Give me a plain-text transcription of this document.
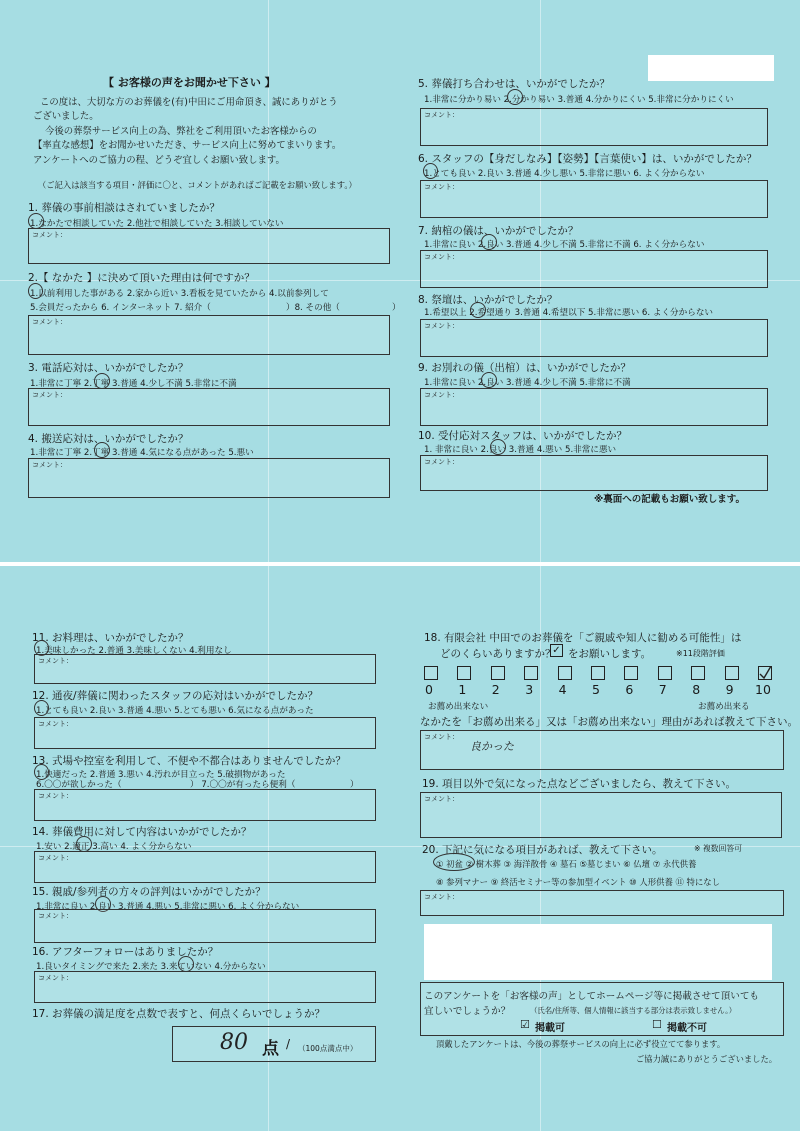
【 お客様の声をお聞かせ下さい 】
この度は、大切な方のお葬儀を(有)中田にご用命頂き、誠にありがとう
ございました。
今後の葬祭サービス向上の為、弊社をご利用頂いたお客様からの
【率直な感想】をお聞かせいただき、サービス向上に努めてまいります。
アンケートへのご協力の程、どうぞ宜しくお願い致します。
（ご記入は該当する項目・評価に〇と、コメントがあればご記載をお願い致します。）
1. 葬儀の事前相談はされていましたか？
1.なかたで相談していた 2.他社で相談していた 3.相談していない
コメント：
2.【 なかた 】に決めて頂いた理由は何ですか？
1.以前利用した事がある 2.家から近い 3.看板を見ていたから 4.以前参列して
5.会員だったから 6. インターネット 7. 紹介（	）8. その他（	）
コメント：
3. 電話応対は、いかがでしたか？
1.非常に丁寧 2.丁寧 3.普通 4.少し不満 5.非常に不満
コメント：
4. 搬送応対は、いかがでしたか？
1.非常に丁寧 2.丁寧 3.普通 4.気になる点があった 5.悪い
コメント：
5. 葬儀打ち合わせは、いかがでしたか？
1.非常に分かり易い 2.分かり易い 3.普通 4.分かりにくい 5.非常に分かりにくい
コメント：
6. スタッフの【身だしなみ】【姿勢】【言葉使い】は、いかがでしたか？
1.とても良い 2.良い 3.普通 4.少し悪い 5.非常に悪い 6. よく分からない
コメント：
7. 納棺の儀は、いかがでしたか？
1.非常に良い 2.良い 3.普通 4.少し不満 5.非常に不満 6. よく分からない
コメント：
8. 祭壇は、いかがでしたか？
1.希望以上 2.希望通り 3.普通 4.希望以下 5.非常に悪い 6. よく分からない
コメント：
9. お別れの儀（出棺）は、いかがでしたか？
1.非常に良い 2.良い 3.普通 4.少し不満 5.非常に不満
コメント：
10. 受付応対スタッフは、いかがでしたか？
1. 非常に良い 2.良い 3.普通 4.悪い 5.非常に悪い
コメント：
※裏面への記載もお願い致します。
11. お料理は、いかがでしたか？
1.美味しかった 2.普通 3.美味しくない 4.利用なし
コメント：
12. 通夜/葬儀に関わったスタッフの応対はいかがでしたか？
1.とても良い 2.良い 3.普通 4.悪い 5.とても悪い 6.気になる点があった
コメント：
13. 式場や控室を利用して、不便や不都合はありませんでしたか？
1.快適だった 2.普通 3.悪い 4.汚れが目立った 5.破損物があった
6.〇〇が欲しかった（	） 7.〇〇が有ったら便利（	）
コメント：
14. 葬儀費用に対して内容はいかがでしたか？
1.安い 2.適正 3.高い 4. よく分からない
コメント：
15. 親戚/参列者の方々の評判はいかがでしたか？
1.非常に良い 2.良い 3.普通 4.悪い 5.非常に悪い 6. よく分からない
コメント：
16. アフターフォローはありましたか？
1.良いタイミングで来た 2.来た 3.来ていない 4.分からない
コメント：
17. お葬儀の満足度を点数で表すと、何点くらいでしょうか？
80 点 / （100点満点中）
18. 有限会社 中田でのお葬儀を「ご親戚や知人に勧める可能性」は
どのくらいありますか？
✓ をお願いします。	※11段階評価
0 1 2 3 4 5 6 7 8 9 10
お薦め出来ない	お薦め出来る
なかたを「お薦め出来る」又は「お薦め出来ない」理由があれば教えて下さい。
コメント：
良かった
19. 項目以外で気になった点などございましたら、教えて下さい。
コメント：
20. 下記に気になる項目があれば、教えて下さい。	※ 複数回答可
① 初盆 ② 樹木葬 ③ 海洋散骨 ④ 墓石 ⑤墓じまい ⑥ 仏壇 ⑦ 永代供養
⑧ 参列マナー ⑨ 終活セミナー等の参加型イベント ⑩ 人形供養 ⑪ 特になし
コメント：
このアンケートを「お客様の声」としてホームページ等に掲載させて頂いても
宜しいでしょうか？	（氏名/住所等、個人情報に該当する部分は表示致しません。）
☑ 掲載可	☐ 掲載不可
頂戴したアンケートは、今後の葬祭サービスの向上に必ず役立てて参ります。
ご協力誠にありがとうございました。
